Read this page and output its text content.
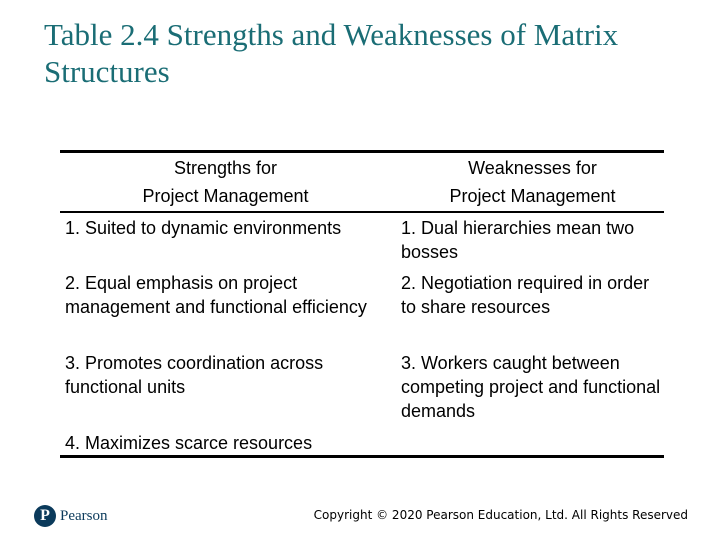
Table 2.4 Strengths and Weaknesses of Matrix Structures
Strengths for
Project Management
Weaknesses for
Project Management
1. Suited to dynamic environments	1. Dual hierarchies mean two bosses
2. Equal emphasis on project management and functional efficiency
2. Negotiation required in order to share resources
3. Promotes coordination across functional units
3. Workers caught between competing project and functional demands
4. Maximizes scarce resources
P Pearson	Copyright © 2020 Pearson Education, Ltd. All Rights Reserved
